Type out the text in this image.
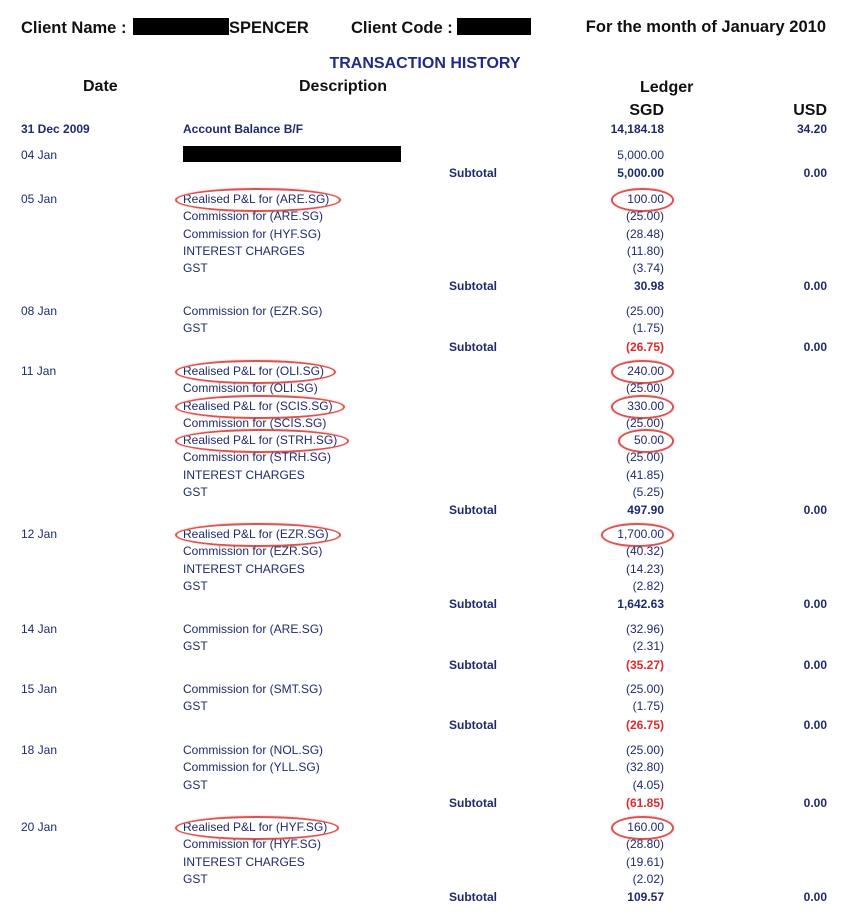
Client Name :	SPENCER	Client Code :	For the month of January 2010
TRANSACTION HISTORY
Date	Description	Ledger
SGD	USD
31 Dec 2009	Account Balance B/F	14,184.18	34.20
04 Jan	5,000.00
Subtotal	5,000.00	0.00
05 Jan	Realised P&L for (ARE.SG)	100.00
Commission for (ARE.SG)	(25.00)
Commission for (HYF.SG)	(28.48)
INTEREST CHARGES	(11.80)
GST	(3.74)
Subtotal	30.98	0.00
08 Jan	Commission for (EZR.SG)	(25.00)
GST	(1.75)
Subtotal	(26.75)	0.00
11 Jan	Realised P&L for (OLI.SG)	240.00
Commission for (OLI.SG)	(25.00)
Realised P&L for (SCIS.SG)	330.00
Commission for (SCIS.SG)	(25.00)
Realised P&L for (STRH.SG)	50.00
Commission for (STRH.SG)	(25.00)
INTEREST CHARGES	(41.85)
GST	(5.25)
Subtotal	497.90	0.00
12 Jan	Realised P&L for (EZR.SG)	1,700.00
Commission for (EZR.SG)	(40.32)
INTEREST CHARGES	(14.23)
GST	(2.82)
Subtotal	1,642.63	0.00
14 Jan	Commission for (ARE.SG)	(32.96)
GST	(2.31)
Subtotal	(35.27)	0.00
15 Jan	Commission for (SMT.SG)	(25.00)
GST	(1.75)
Subtotal	(26.75)	0.00
18 Jan	Commission for (NOL.SG)	(25.00)
Commission for (YLL.SG)	(32.80)
GST	(4.05)
Subtotal	(61.85)	0.00
20 Jan	Realised P&L for (HYF.SG)	160.00
Commission for (HYF.SG)	(28.80)
INTEREST CHARGES	(19.61)
GST	(2.02)
Subtotal	109.57	0.00
